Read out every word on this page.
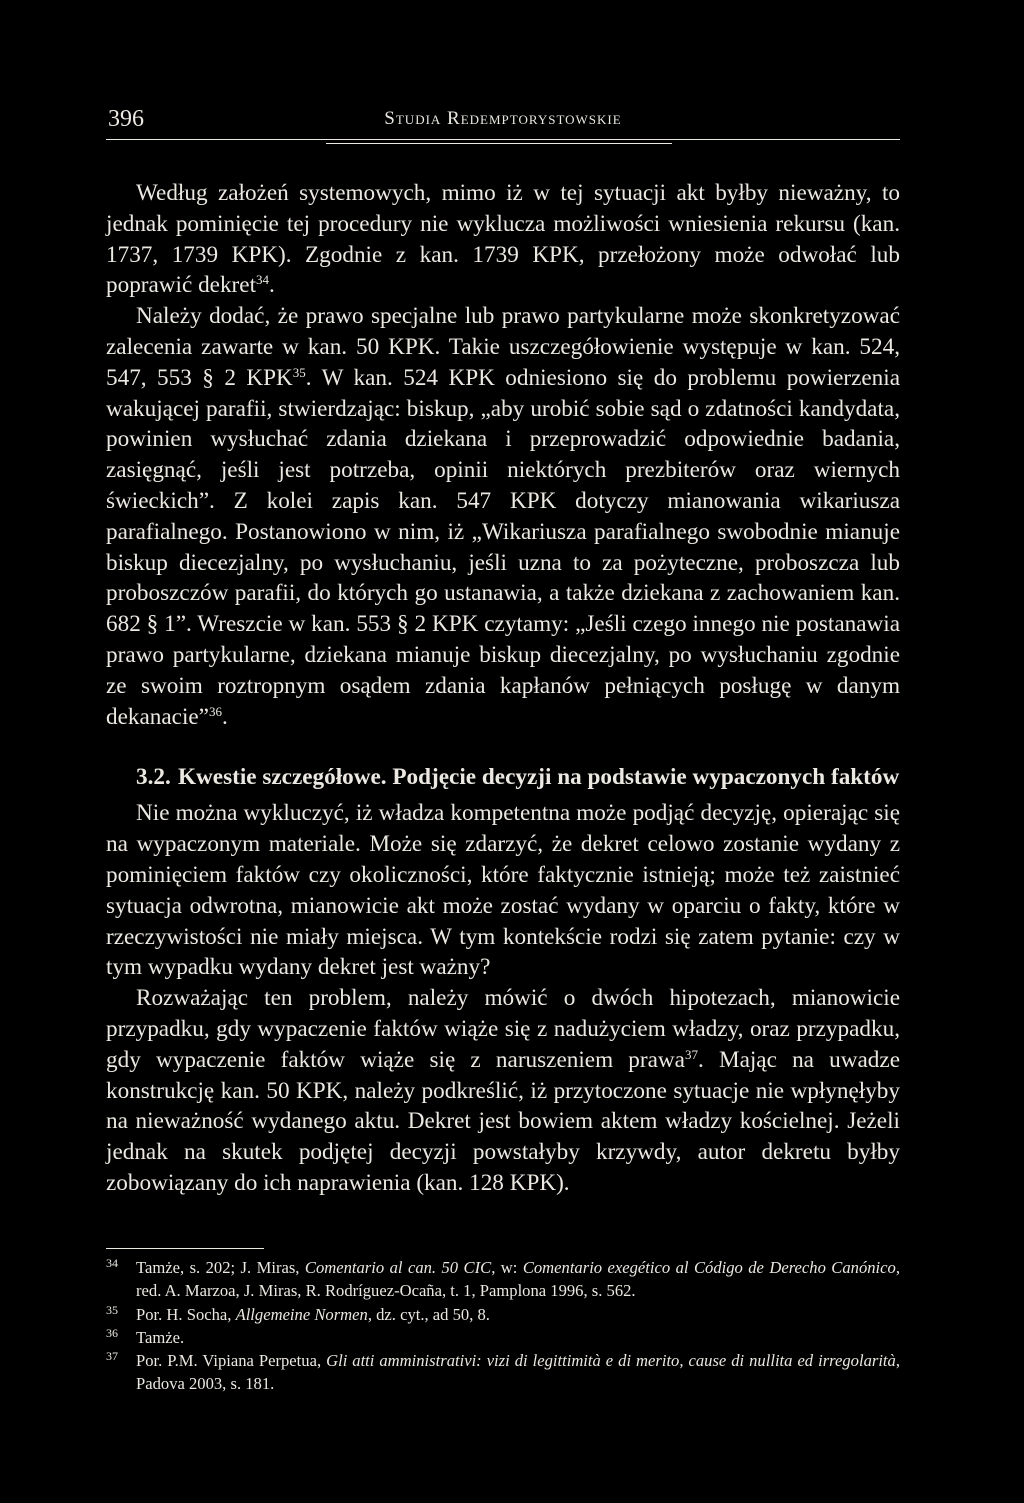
396	Studia Redemptorystowskie

Według założeń systemowych, mimo iż w tej sytuacji akt byłby nieważny, to jednak pominięcie tej procedury nie wyklucza możliwości wniesienia rekursu (kan. 1737, 1739 KPK). Zgodnie z kan. 1739 KPK, przełożony może odwołać lub poprawić dekret$^{34}$.

Należy dodać, że prawo specjalne lub prawo partykularne może skonkretyzować zalecenia zawarte w kan. 50 KPK. Takie uszczegółowienie występuje w kan. 524, 547, 553 § 2 KPK$^{35}$. W kan. 524 KPK odniesiono się do problemu powierzenia wakującej parafii, stwierdzając: biskup, „aby urobić sobie sąd o zdatności kandydata, powinien wysłuchać zdania dziekana i przeprowadzić odpowiednie badania, zasięgnąć, jeśli jest potrzeba, opinii niektórych prezbiterów oraz wiernych świeckich”. Z kolei zapis kan. 547 KPK dotyczy mianowania wikariusza parafialnego. Postanowiono w nim, iż „Wikariusza parafialnego swobodnie mianuje biskup diecezjalny, po wysłuchaniu, jeśli uzna to za pożyteczne, proboszcza lub proboszczów parafii, do których go ustanawia, a także dziekana z zachowaniem kan. 682 § 1”. Wreszcie w kan. 553 § 2 KPK czytamy: „Jeśli czego innego nie postanawia prawo partykularne, dziekana mianuje biskup diecezjalny, po wysłuchaniu zgodnie ze swoim roztropnym osądem zdania kapłanów pełniących posługę w danym dekanacie”$^{36}$.

3.2. Kwestie szczegółowe. Podjęcie decyzji na podstawie wypaczonych faktów

Nie można wykluczyć, iż władza kompetentna może podjąć decyzję, opierając się na wypaczonym materiale. Może się zdarzyć, że dekret celowo zostanie wydany z pominięciem faktów czy okoliczności, które faktycznie istnieją; może też zaistnieć sytuacja odwrotna, mianowicie akt może zostać wydany w oparciu o fakty, które w rzeczywistości nie miały miejsca. W tym kontekście rodzi się zatem pytanie: czy w tym wypadku wydany dekret jest ważny?

Rozważając ten problem, należy mówić o dwóch hipotezach, mianowicie przypadku, gdy wypaczenie faktów wiąże się z nadużyciem władzy, oraz przypadku, gdy wypaczenie faktów wiąże się z naruszeniem prawa$^{37}$. Mając na uwadze konstrukcję kan. 50 KPK, należy podkreślić, iż przytoczone sytuacje nie wpłynęłyby na nieważność wydanego aktu. Dekret jest bowiem aktem władzy kościelnej. Jeżeli jednak na skutek podjętej decyzji powstałyby krzywdy, autor dekretu byłby zobowiązany do ich naprawienia (kan. 128 KPK).

34 Tamże, s. 202; J. Miras, Comentario al can. 50 CIC, w: Comentario exegético al Código de Derecho Canónico, red. A. Marzoa, J. Miras, R. Rodríguez-Ocaña, t. 1, Pamplona 1996, s. 562.
35 Por. H. Socha, Allgemeine Normen, dz. cyt., ad 50, 8.
36 Tamże.
37 Por. P.M. Vipiana Perpetua, Gli atti amministrativi: vizi di legittimità e di merito, cause di nullita ed irregolarità, Padova 2003, s. 181.
